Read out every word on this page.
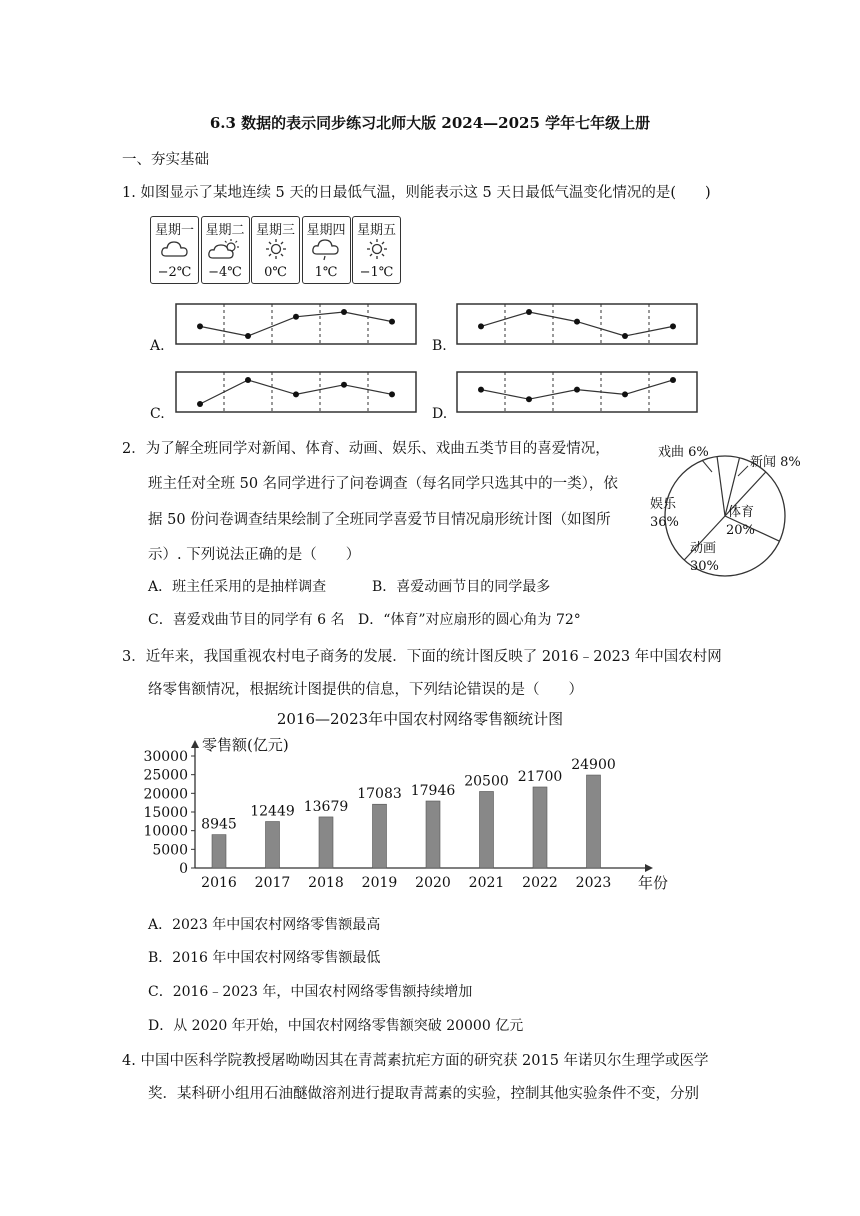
6.3 数据的表示同步练习北师大版 2024—2025 学年七年级上册
一、夯实基础
1. 如图显示了某地连续 5 天的日最低气温，则能表示这 5 天日最低气温变化情况的是(　　)
星期一
−2℃
星期二
−4℃
星期三
0℃
星期四
1℃
星期五
−1℃
A.	B.
C.	D.
2．为了解全班同学对新闻、体育、动画、娱乐、戏曲五类节目的喜爱情况，
班主任对全班 50 名同学进行了问卷调查（每名同学只选其中的一类），依
据 50 份问卷调查结果绘制了全班同学喜爱节目情况扇形统计图（如图所
示）. 下列说法正确的是（　　）
A．班主任采用的是抽样调查	B．喜爱动画节目的同学最多
C．喜爱戏曲节目的同学有 6 名 D．“体育”对应扇形的圆心角为 72°
戏曲 6%
新闻 8%
体育
20%
动画
30%
娱乐
36%
3．近年来，我国重视农村电子商务的发展．下面的统计图反映了 2016﹣2023 年中国农村网
络零售额情况，根据统计图提供的信息，下列结论错误的是（　　）
2016—2023年中国农村网络零售额统计图
零售额(亿元)
0
5000
10000
15000
20000
25000
30000
8945
2016
12449
2017
13679
2018
17083
2019
17946
2020
20500
2021
21700
2022
24900
2023 年份
A．2023 年中国农村网络零售额最高
B．2016 年中国农村网络零售额最低
C．2016﹣2023 年，中国农村网络零售额持续增加
D．从 2020 年开始，中国农村网络零售额突破 20000 亿元
4. 中国中医科学院教授屠呦呦因其在青蒿素抗疟方面的研究获 2015 年诺贝尔生理学或医学
奖．某科研小组用石油醚做溶剂进行提取青蒿素的实验，控制其他实验条件不变，分别
